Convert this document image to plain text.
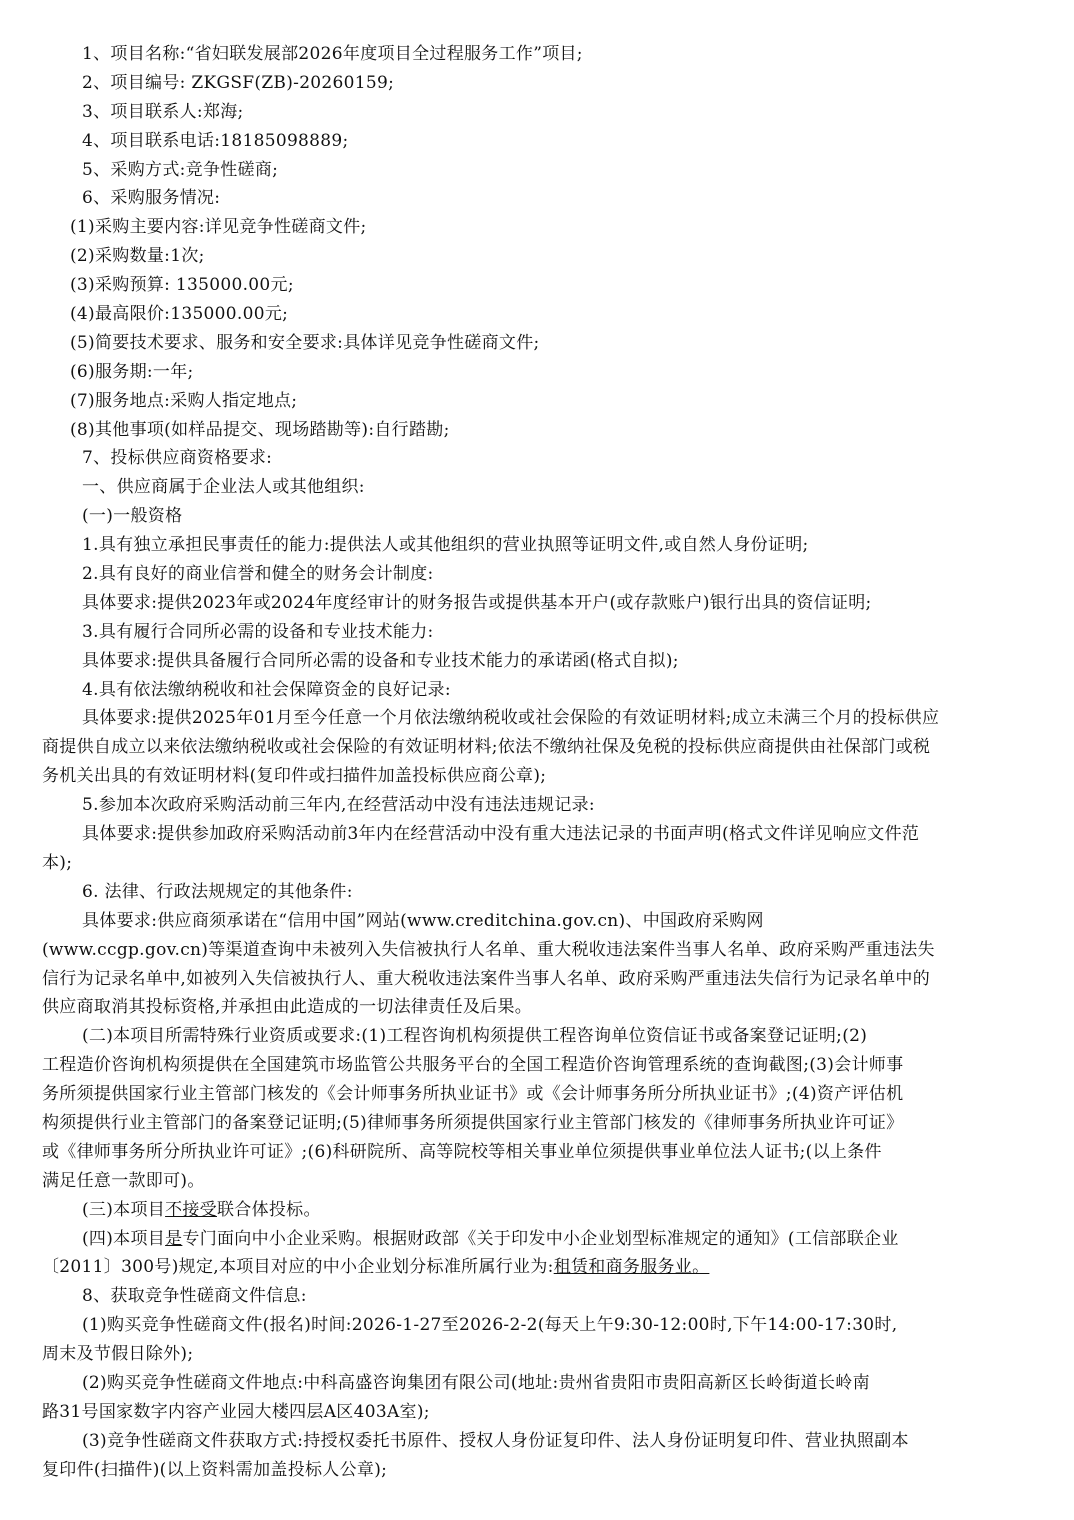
1、项目名称:“省妇联发展部2026年度项目全过程服务工作”项目;
2、项目编号: ZKGSF(ZB)-20260159;
3、项目联系人:郑海;
4、项目联系电话:18185098889;
5、采购方式:竞争性磋商;
6、采购服务情况:
(1)采购主要内容:详见竞争性磋商文件;
(2)采购数量:1次;
(3)采购预算: 135000.00元;
(4)最高限价:135000.00元;
(5)简要技术要求、服务和安全要求:具体详见竞争性磋商文件;
(6)服务期:一年;
(7)服务地点:采购人指定地点;
(8)其他事项(如样品提交、现场踏勘等):自行踏勘;
7、投标供应商资格要求:
一、供应商属于企业法人或其他组织:
(一)一般资格
1.具有独立承担民事责任的能力:提供法人或其他组织的营业执照等证明文件,或自然人身份证明;
2.具有良好的商业信誉和健全的财务会计制度:
具体要求:提供2023年或2024年度经审计的财务报告或提供基本开户(或存款账户)银行出具的资信证明;
3.具有履行合同所必需的设备和专业技术能力:
具体要求:提供具备履行合同所必需的设备和专业技术能力的承诺函(格式自拟);
4.具有依法缴纳税收和社会保障资金的良好记录:
具体要求:提供2025年01月至今任意一个月依法缴纳税收或社会保险的有效证明材料;成立未满三个月的投标供应
商提供自成立以来依法缴纳税收或社会保险的有效证明材料;依法不缴纳社保及免税的投标供应商提供由社保部门或税
务机关出具的有效证明材料(复印件或扫描件加盖投标供应商公章);
5.参加本次政府采购活动前三年内,在经营活动中没有违法违规记录:
具体要求:提供参加政府采购活动前3年内在经营活动中没有重大违法记录的书面声明(格式文件详见响应文件范
本);
6. 法律、行政法规规定的其他条件:
具体要求:供应商须承诺在“信用中国”网站(www.creditchina.gov.cn)、中国政府采购网
(www.ccgp.gov.cn)等渠道查询中未被列入失信被执行人名单、重大税收违法案件当事人名单、政府采购严重违法失
信行为记录名单中,如被列入失信被执行人、重大税收违法案件当事人名单、政府采购严重违法失信行为记录名单中的
供应商取消其投标资格,并承担由此造成的一切法律责任及后果。
(二)本项目所需特殊行业资质或要求:(1)工程咨询机构须提供工程咨询单位资信证书或备案登记证明;(2)
工程造价咨询机构须提供在全国建筑市场监管公共服务平台的全国工程造价咨询管理系统的查询截图;(3)会计师事
务所须提供国家行业主管部门核发的《会计师事务所执业证书》或《会计师事务所分所执业证书》;(4)资产评估机
构须提供行业主管部门的备案登记证明;(5)律师事务所须提供国家行业主管部门核发的《律师事务所执业许可证》
或《律师事务所分所执业许可证》;(6)科研院所、高等院校等相关事业单位须提供事业单位法人证书;(以上条件
满足任意一款即可)。
(三)本项目不接受联合体投标。
(四)本项目是专门面向中小企业采购。根据财政部《关于印发中小企业划型标准规定的通知》(工信部联企业
〔2011〕300号)规定,本项目对应的中小企业划分标准所属行业为:租赁和商务服务业。
8、获取竞争性磋商文件信息:
(1)购买竞争性磋商文件(报名)时间:2026-1-27至2026-2-2(每天上午9:30-12:00时,下午14:00-17:30时,
周末及节假日除外);
(2)购买竞争性磋商文件地点:中科高盛咨询集团有限公司(地址:贵州省贵阳市贵阳高新区长岭街道长岭南
路31号国家数字内容产业园大楼四层A区403A室);
(3)竞争性磋商文件获取方式:持授权委托书原件、授权人身份证复印件、法人身份证明复印件、营业执照副本
复印件(扫描件)(以上资料需加盖投标人公章);
